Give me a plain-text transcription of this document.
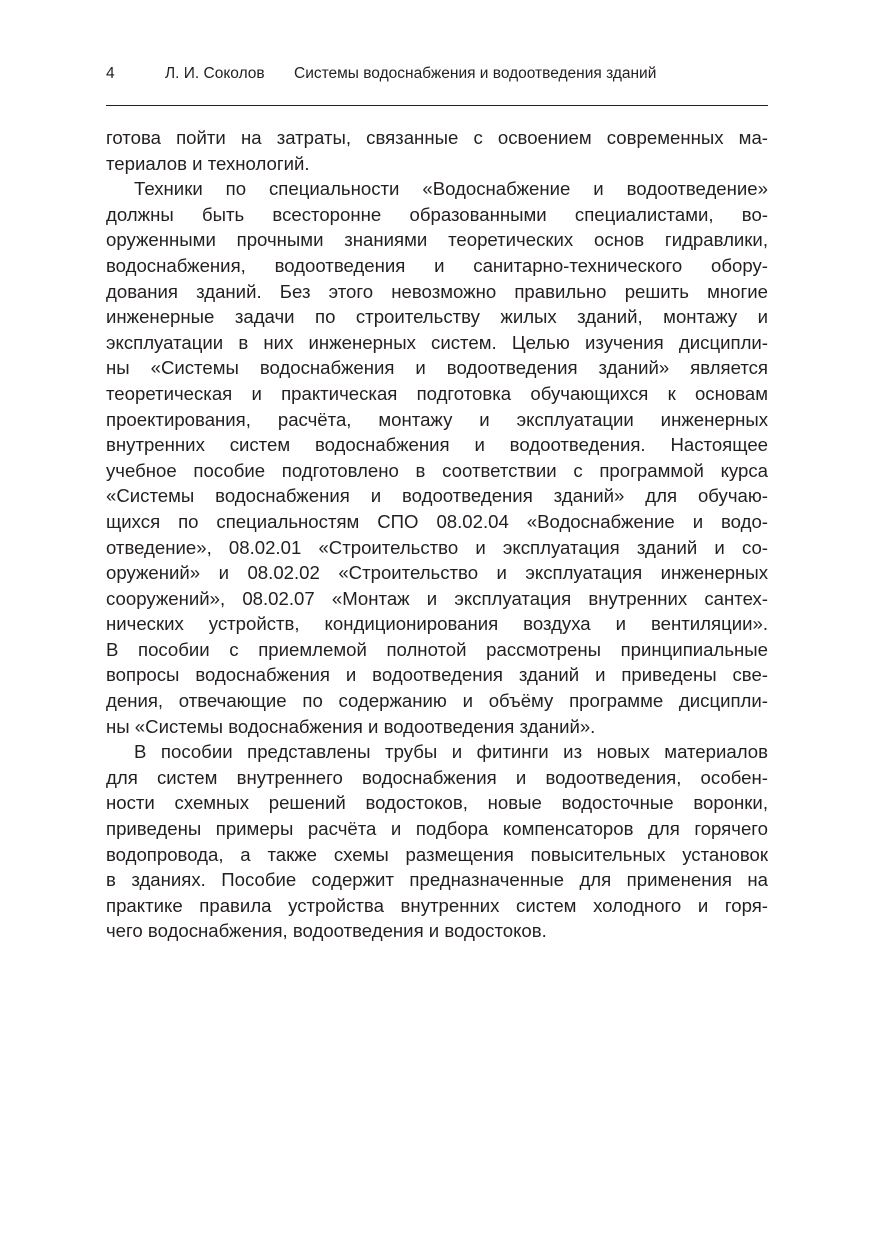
4	Л. И. Соколов Системы водоснабжения и водоотведения зданий
готова пойти на затраты, связанные с освоением современных ма-
териалов и технологий.
Техники по специальности «Водоснабжение и водоотведение»
должны быть всесторонне образованными специалистами, во-
оруженными прочными знаниями теоретических основ гидравлики,
водоснабжения, водоотведения и санитарно-технического обору-
дования зданий. Без этого невозможно правильно решить многие
инженерные задачи по строительству жилых зданий, монтажу и
эксплуатации в них инженерных систем. Целью изучения дисципли-
ны «Системы водоснабжения и водоотведения зданий» является
теоретическая и практическая подготовка обучающихся к основам
проектирования, расчёта, монтажу и эксплуатации инженерных
внутренних систем водоснабжения и водоотведения. Настоящее
учебное пособие подготовлено в соответствии с программой курса
«Системы водоснабжения и водоотведения зданий» для обучаю-
щихся по специальностям СПО 08.02.04 «Водоснабжение и водо-
отведение», 08.02.01 «Строительство и эксплуатация зданий и со-
оружений» и 08.02.02 «Строительство и эксплуатация инженерных
сооружений», 08.02.07 «Монтаж и эксплуатация внутренних сантех-
нических устройств, кондиционирования воздуха и вентиляции».
В пособии с приемлемой полнотой рассмотрены принципиальные
вопросы водоснабжения и водоотведения зданий и приведены све-
дения, отвечающие по содержанию и объёму программе дисципли-
ны «Системы водоснабжения и водоотведения зданий».
В пособии представлены трубы и фитинги из новых материалов
для систем внутреннего водоснабжения и водоотведения, особен-
ности схемных решений водостоков, новые водосточные воронки,
приведены примеры расчёта и подбора компенсаторов для горячего
водопровода, а также схемы размещения повысительных установок
в зданиях. Пособие содержит предназначенные для применения на
практике правила устройства внутренних систем холодного и горя-
чего водоснабжения, водоотведения и водостоков.
